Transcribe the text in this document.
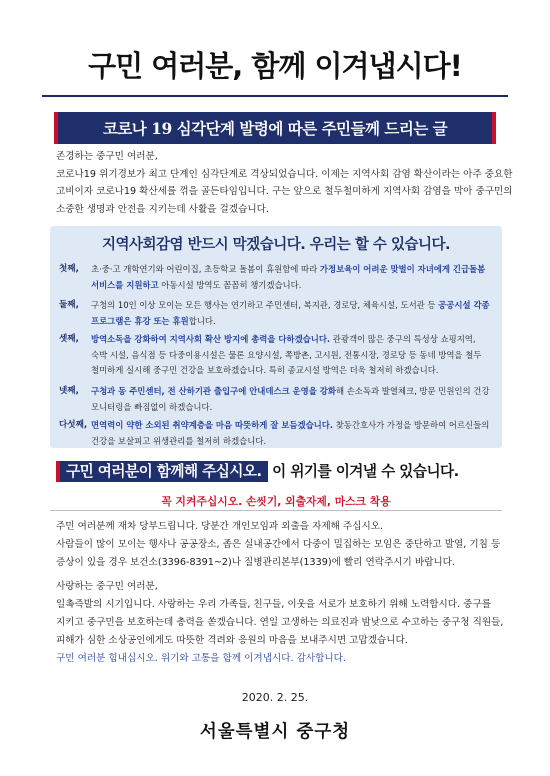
구민 여러분, 함께 이겨냅시다!
코로나 19 심각단계 발령에 따른 주민들께 드리는 글

존경하는 중구민 여러분,

코로나19 위기경보가 최고 단계인 심각단계로 격상되었습니다. 이제는 지역사회 감염 확산이라는 아주 중요한

고비이자 코로나19 확산세를 꺾을 골든타임입니다. 구는 앞으로 철두철미하게 지역사회 감염을 막아 중구민의

소중한 생명과 안전을 지키는데 사활을 걸겠습니다.

지역사회감염 반드시 막겠습니다. 우리는 할 수 있습니다.
첫째,	초·중·고 개학연기와 어린이집, 초등학교 돌봄이 휴원함에 따라 가정보육이 어려운 맞벌이 자녀에게 긴급돌봄

서비스를 지원하고 아동시설 방역도 꼼꼼히 챙기겠습니다.

둘째,	구청의 10인 이상 모이는 모든 행사는 연기하고 주민센터, 복지관, 경로당, 체육시설, 도서관 등 공공시설 각종

프로그램은 휴강 또는 휴원합니다.

셋째,	방역소독을 강화하여 지역사회 확산 방지에 총력을 다하겠습니다. 관광객이 많은 중구의 특성상 쇼핑지역,

숙박 시설, 음식점 등 다중이용시설은 물론 요양시설, 쪽방촌, 고시원, 전통시장, 경로당 등 동네 방역을 철두

철미하게 실시해 중구민 건강을 보호하겠습니다. 특히 종교시설 방역은 더욱 철저히 하겠습니다.

넷째,	구청과 동 주민센터, 전 산하기관 출입구에 안내데스크 운영을 강화해 손소독과 발열체크, 방문 민원인의 건강

모니터링을 빠짐없이 하겠습니다.

다섯째, 면역력이 약한 소외된 취약계층을 마음 따뜻하게 잘 보듬겠습니다. 찾동간호사가 가정을 방문하여 어르신들의

건강을 보살피고 위생관리를 철저히 하겠습니다.

구민 여러분이 함께해 주십시오. 이 위기를 이겨낼 수 있습니다.
꼭 지켜주십시오. 손씻기, 외출자제, 마스크 착용

주민 여러분께 재차 당부드립니다. 당분간 개인모임과 외출을 자제해 주십시오.

사람들이 많이 모이는 행사나 공공장소, 좁은 실내공간에서 다중이 밀집하는 모임은 중단하고 발열, 기침 등

증상이 있을 경우 보건소(3396-8391~2)나 질병관리본부(1339)에 빨리 연락주시기 바랍니다.

사랑하는 중구민 여러분,

일촉즉발의 시기입니다. 사랑하는 우리 가족들, 친구들, 이웃을 서로가 보호하기 위해 노력합시다. 중구를

지키고 중구민을 보호하는데 총력을 쏟겠습니다. 연일 고생하는 의료진과 밤낮으로 수고하는 중구청 직원들,

피해가 심한 소상공인에게도 따뜻한 격려와 응원의 마음을 보내주시면 고맙겠습니다.

구민 여러분 힘내십시오. 위기와 고통을 함께 이겨냅시다. 감사합니다.

2020. 2. 25.
서울특별시 중구청
